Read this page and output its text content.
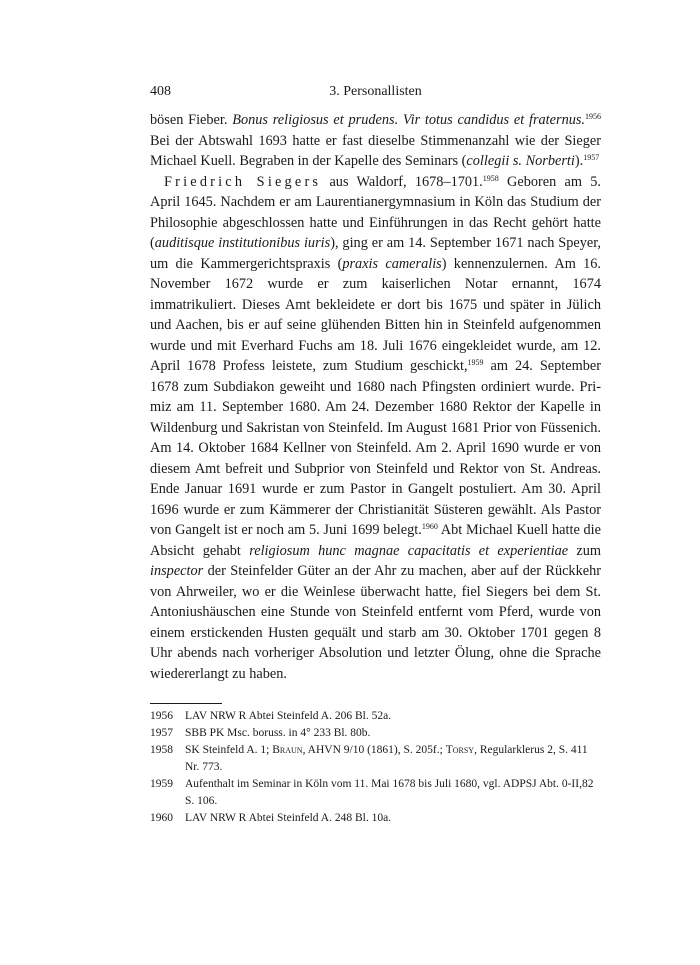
408	3. Personallisten

bösen Fieber. Bonus religiosus et prudens. Vir totus candidus et fraternus.$^{1956}$ Bei der Abtswahl 1693 hatte er fast dieselbe Stimmenanzahl wie der Sieger Michael Kuell. Begraben in der Kapelle des Seminars (collegii s. Norberti).$^{1957}$

Friedrich Siegers aus Waldorf, 1678–1701.$^{1958}$ Geboren am 5. April 1645. Nachdem er am Laurentianergymnasium in Köln das Studium der Philosophie abgeschlossen hatte und Einführungen in das Recht gehört hatte (auditisque institutionibus iuris), ging er am 14. September 1671 nach Speyer, um die Kammergerichtspraxis (praxis cameralis) kennenzulernen. Am 16. November 1672 wurde er zum kaiserlichen Notar ernannt, 1674 immatrikuliert. Dieses Amt bekleidete er dort bis 1675 und später in Jülich und Aachen, bis er auf seine glühenden Bitten hin in Steinfeld aufgenommen wurde und mit Everhard Fuchs am 18. Juli 1676 eingekleidet wurde, am 12. April 1678 Profess leistete, zum Studium geschickt,$^{1959}$ am 24. September 1678 zum Subdiakon geweiht und 1680 nach Pfingsten ordiniert wurde. Primiz am 11. September 1680. Am 24. Dezember 1680 Rektor der Kapelle in Wildenburg und Sakristan von Steinfeld. Im August 1681 Prior von Füssenich. Am 14. Oktober 1684 Kellner von Steinfeld. Am 2. April 1690 wurde er von diesem Amt befreit und Subprior von Steinfeld und Rektor von St. Andreas. Ende Januar 1691 wurde er zum Pastor in Gangelt postuliert. Am 30. April 1696 wurde er zum Kämmerer der Christianität Süsteren gewählt. Als Pastor von Gangelt ist er noch am 5. Juni 1699 belegt.$^{1960}$ Abt Michael Kuell hatte die Absicht gehabt religiosum hunc magnae capacitatis et experientiae zum inspector der Steinfelder Güter an der Ahr zu machen, aber auf der Rückkehr von Ahrweiler, wo er die Weinlese überwacht hatte, fiel Siegers bei dem St. Antoniushäuschen eine Stunde von Steinfeld entfernt vom Pferd, wurde von einem erstickenden Husten gequält und starb am 30. Oktober 1701 gegen 8 Uhr abends nach vorheriger Absolution und letzter Ölung, ohne die Sprache wiedererlangt zu haben.

1956	LAV NRW R Abtei Steinfeld A. 206 Bl. 52a.
1957	SBB PK Msc. boruss. in 4° 233 Bl. 80b.
1958	SK Steinfeld A. 1; Braun, AHVN 9/10 (1861), S. 205f.; Torsy, Regularklerus 2, S. 411 Nr. 773.
1959	Aufenthalt im Seminar in Köln vom 11. Mai 1678 bis Juli 1680, vgl. ADPSJ Abt. 0-II,82 S. 106.
1960	LAV NRW R Abtei Steinfeld A. 248 Bl. 10a.
